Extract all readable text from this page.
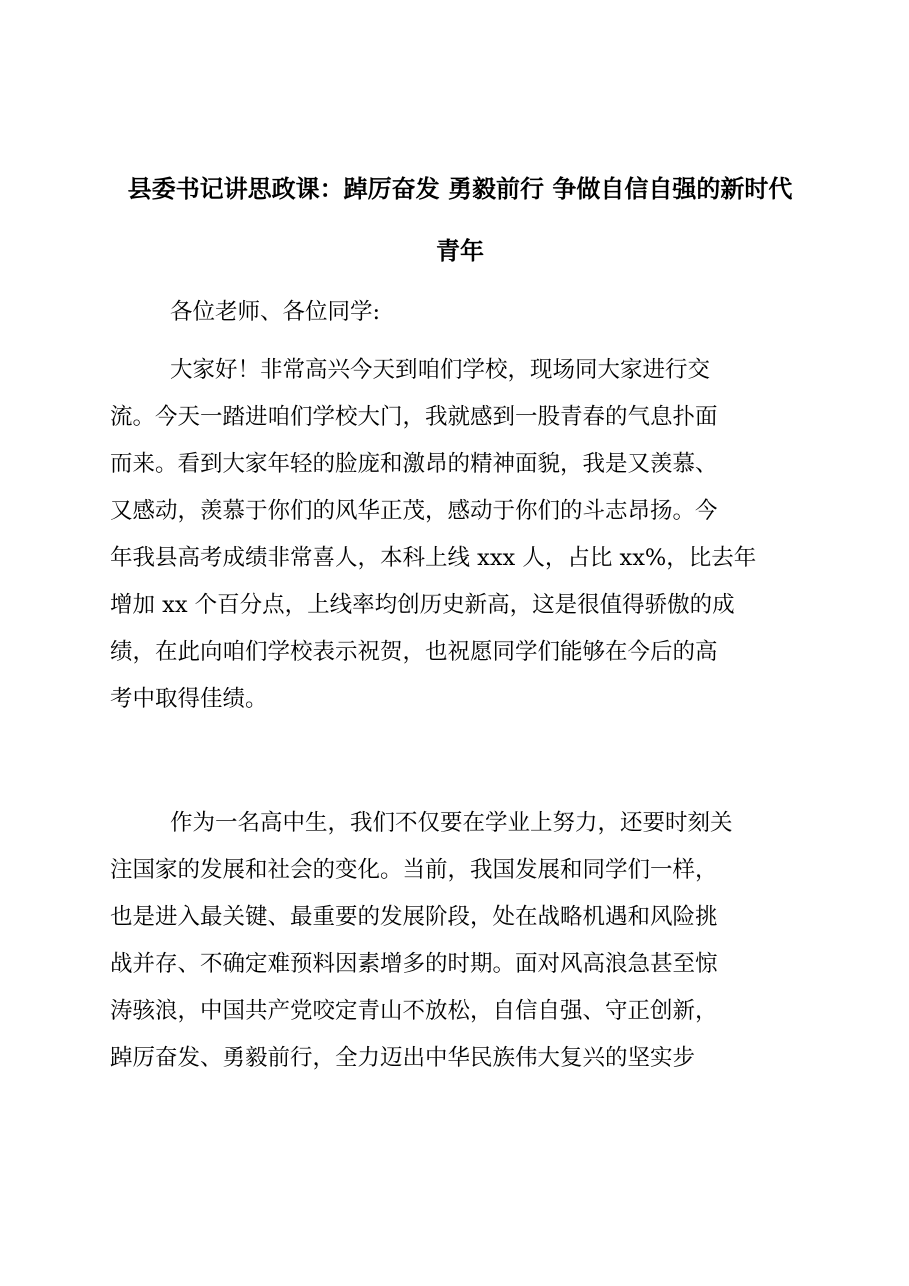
县委书记讲思政课：踔厉奋发 勇毅前行 争做自信自强的新时代
青年
各位老师、各位同学:
大家好！非常高兴今天到咱们学校，现场同大家进行交
流。今天一踏进咱们学校大门，我就感到一股青春的气息扑面
而来。看到大家年轻的脸庞和激昂的精神面貌，我是又羡慕、
又感动，羡慕于你们的风华正茂，感动于你们的斗志昂扬。今
年我县高考成绩非常喜人，本科上线 xxx 人，占比 xx%，比去年
增加 xx 个百分点，上线率均创历史新高，这是很值得骄傲的成
绩，在此向咱们学校表示祝贺，也祝愿同学们能够在今后的高
考中取得佳绩。
作为一名高中生，我们不仅要在学业上努力，还要时刻关
注国家的发展和社会的变化。当前，我国发展和同学们一样，
也是进入最关键、最重要的发展阶段，处在战略机遇和风险挑
战并存、不确定难预料因素增多的时期。面对风高浪急甚至惊
涛骇浪，中国共产党咬定青山不放松，自信自强、守正创新，
踔厉奋发、勇毅前行，全力迈出中华民族伟大复兴的坚实步
